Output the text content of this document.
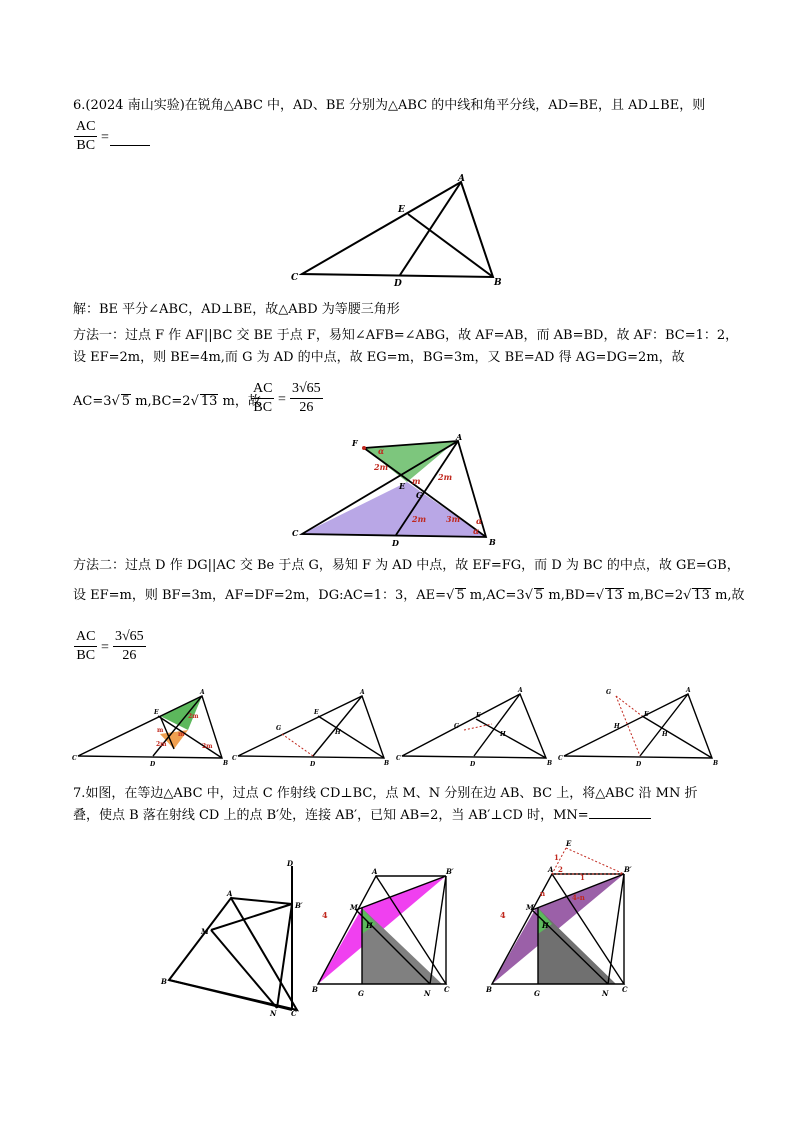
6.(2024 南山实验)在锐角△ABC 中，AD、BE 分别为△ABC 的中线和角平分线，AD=BE，且 AD⊥BE，则
$\frac{AC}{BC}$ =
A
B
C
D
E
解：BE 平分∠ABC，AD⊥BE，故△ABD 为等腰三角形
方法一：过点 F 作 AF||BC 交 BE 于点 F，易知∠AFB=∠ABG，故 AF=AB，而 AB=BD，故 AF：BC=1：2，
设 EF=2m，则 BE=4m,而 G 为 AD 的中点，故 EG=m，BG=3m，又 BE=AD 得 AG=DG=2m，故
AC=3√ 5 m,BC=2√ 13 m，故
$\frac{AC}{BC} = \frac{3√65}{26}$
F
A
E
G
C
D	B
2m
2m
m
2m 3m
α
α
α
方法二：过点 D 作 DG||AC 交 Be 于点 G，易知 F 为 AD 中点，故 EF=FG，而 D 为 BC 的中点，故 GE=GB，
设 EF=m，则 BF=3m，AF=DF=2m，DG:AC=1：3，AE=√ 5 m,AC=3√ 5 m,BD=√ 13 m,BC=2√ 13 m,故
$\frac{AC}{BC} = \frac{3√65}{26}$
A
E
C
D	B
2m
m
m
2m	2m
A
E
G
H
C
D	B
A
E
G
H
C
D	B
A
G
E
H
H
C
D	B
7.如图，在等边△ABC 中，过点 C 作射线 CD⊥BC，点 M、N 分别在边 AB、BC 上，将△ABC 沿 MN 折
叠，使点 B 落在射线 CD 上的点 B′处，连接 AB′，已知 AB=2，当 AB′⊥CD 时，MN=
D
A
B′
M
B
N C
A	B′
M
H
B	G	N C
4
E
A	B′
M
H
B	G	N C
1
2
1
n	4-n
4
